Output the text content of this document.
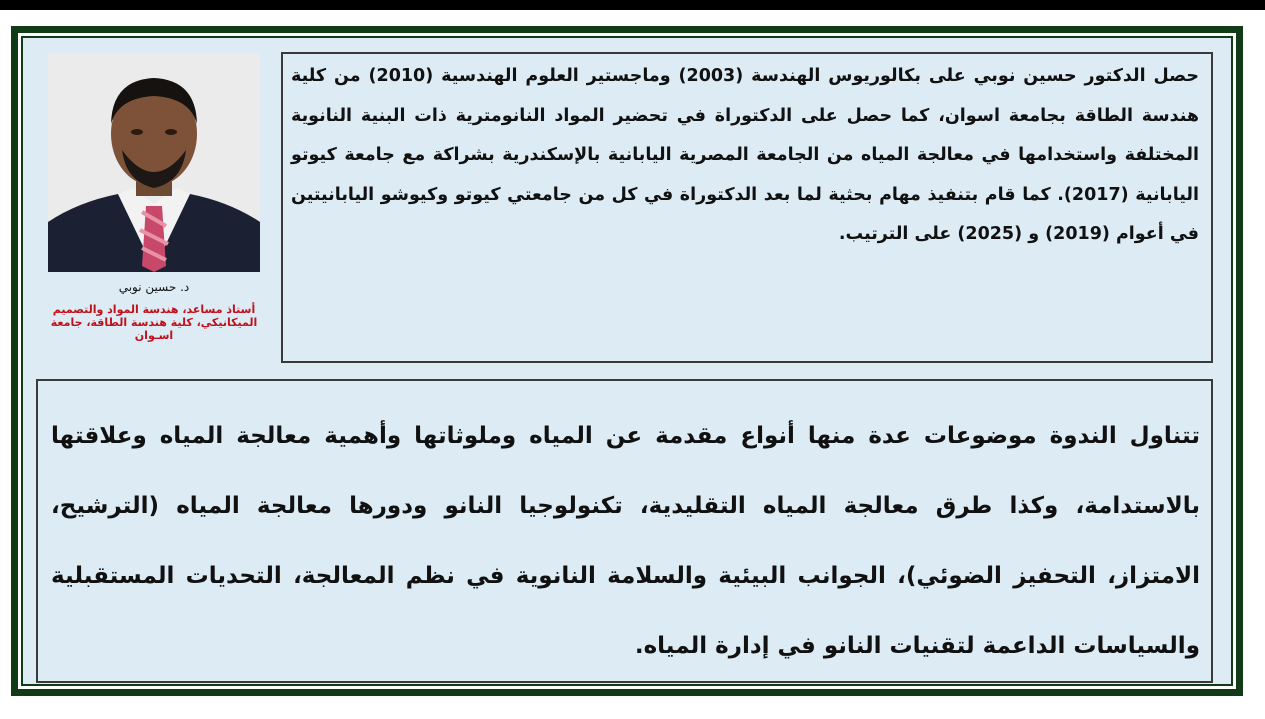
د. حسين نوبي
أستاذ مساعد، هندسة المواد والتصميم الميكانيكي، كلية هندسة الطاقة، جامعة اسـوان

حصل الدكتور حسين نوبي على بكالوريوس الهندسة (2003) وماجستير العلوم الهندسية (2010) من كلية هندسة الطاقة بجامعة اسوان، كما حصل على الدكتوراة في تحضير المواد النانومترية ذات البنية النانوية المختلفة واستخدامها في معالجة المياه من الجامعة المصرية اليابانية بالإسكندرية بشراكة مع جامعة كيوتو اليابانية (2017). كما قام بتنفيذ مهام بحثية لما بعد الدكتوراة في كل من جامعتي كيوتو وكيوشو اليابانيتين في أعوام (2019) و (2025) على الترتيب.

تتناول الندوة موضوعات عدة منها أنواع مقدمة عن المياه وملوثاتها وأهمية معالجة المياه وعلاقتها بالاستدامة، وكذا طرق معالجة المياه التقليدية، تكنولوجيا النانو ودورها معالجة المياه (الترشيح، الامتزاز، التحفيز الضوئي)، الجوانب البيئية والسلامة النانوية في نظم المعالجة، التحديات المستقبلية والسياسات الداعمة لتقنيات النانو في إدارة المياه.
